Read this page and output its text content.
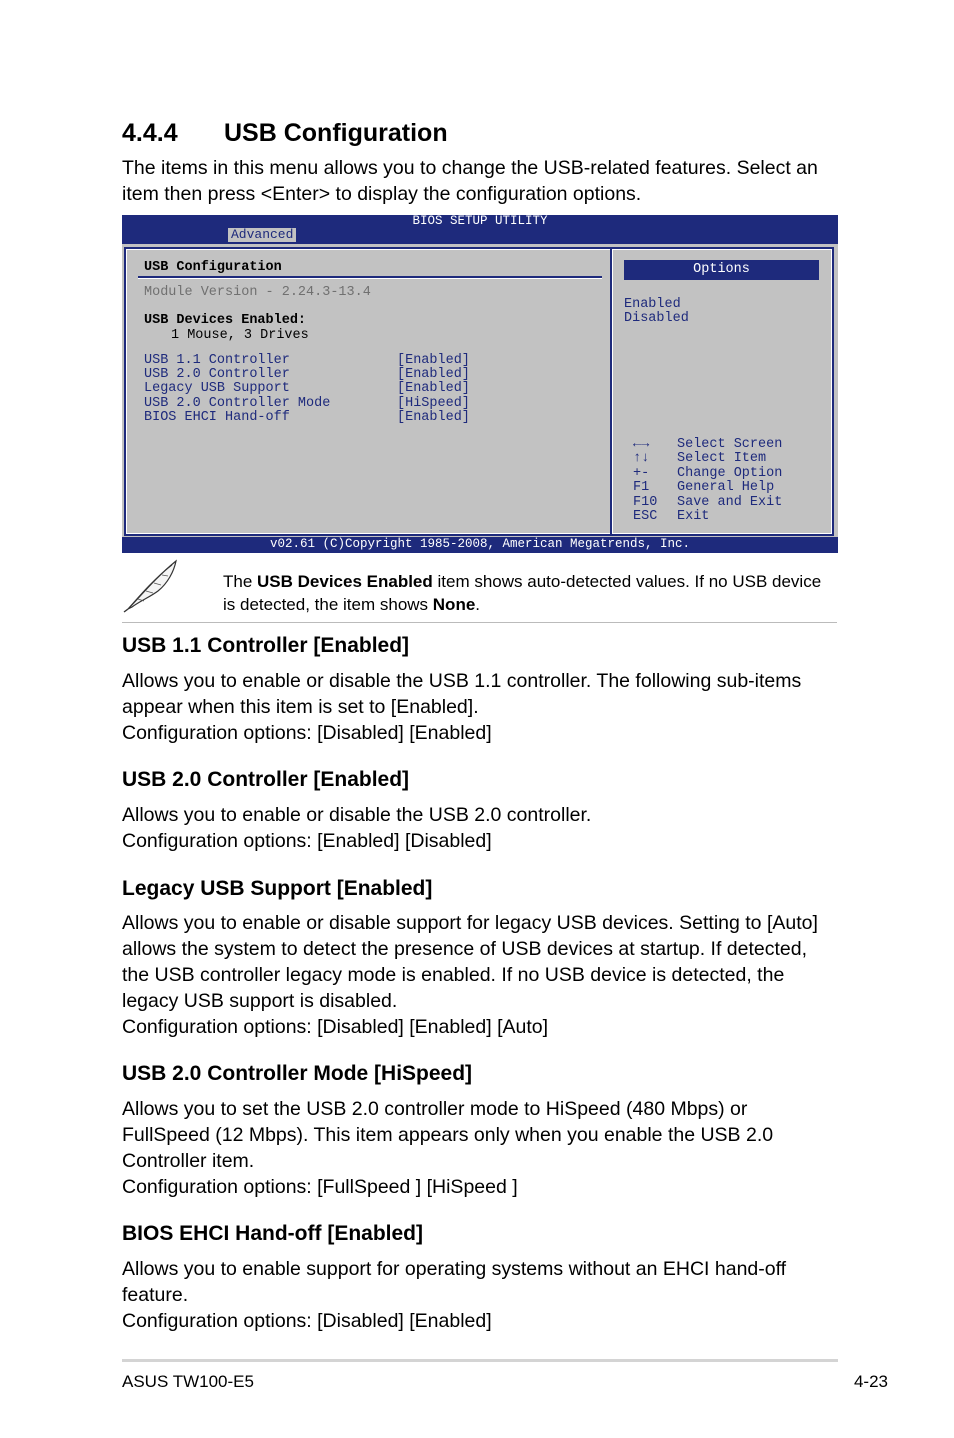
4.4.4 USB Configuration
The items in this menu allows you to change the USB-related features. Select an
item then press <Enter> to display the configuration options.
BIOS SETUP UTILITY
Advanced
USB Configuration
Module Version - 2.24.3-13.4
USB Devices Enabled:
1 Mouse, 3 Drives
USB 1.1 Controller	[Enabled]
USB 2.0 Controller	[Enabled]
Legacy USB Support	[Enabled]
USB 2.0 Controller Mode	[HiSpeed]
BIOS EHCI Hand-off	[Enabled]
Options
Enabled
Disabled
←→ Select Screen
↑↓ Select Item
+- Change Option
F1 General Help
F10 Save and Exit
ESC Exit
v02.61 (C)Copyright 1985-2008, American Megatrends, Inc.
The USB Devices Enabled item shows auto-detected values. If no USB device
is detected, the item shows None.
USB 1.1 Controller [Enabled]
Allows you to enable or disable the USB 1.1 controller. The following sub-items
appear when this item is set to [Enabled].
Configuration options: [Disabled] [Enabled]
USB 2.0 Controller [Enabled]
Allows you to enable or disable the USB 2.0 controller.
Configuration options: [Enabled] [Disabled]
Legacy USB Support [Enabled]
Allows you to enable or disable support for legacy USB devices. Setting to [Auto]
allows the system to detect the presence of USB devices at startup. If detected,
the USB controller legacy mode is enabled. If no USB device is detected, the
legacy USB support is disabled.
Configuration options: [Disabled] [Enabled] [Auto]
USB 2.0 Controller Mode [HiSpeed]
Allows you to set the USB 2.0 controller mode to HiSpeed (480 Mbps) or
FullSpeed (12 Mbps). This item appears only when you enable the USB 2.0
Controller item.
Configuration options: [FullSpeed ] [HiSpeed ]
BIOS EHCI Hand-off [Enabled]
Allows you to enable support for operating systems without an EHCI hand-off
feature.
Configuration options: [Disabled] [Enabled]
ASUS TW100-E5	4-23
